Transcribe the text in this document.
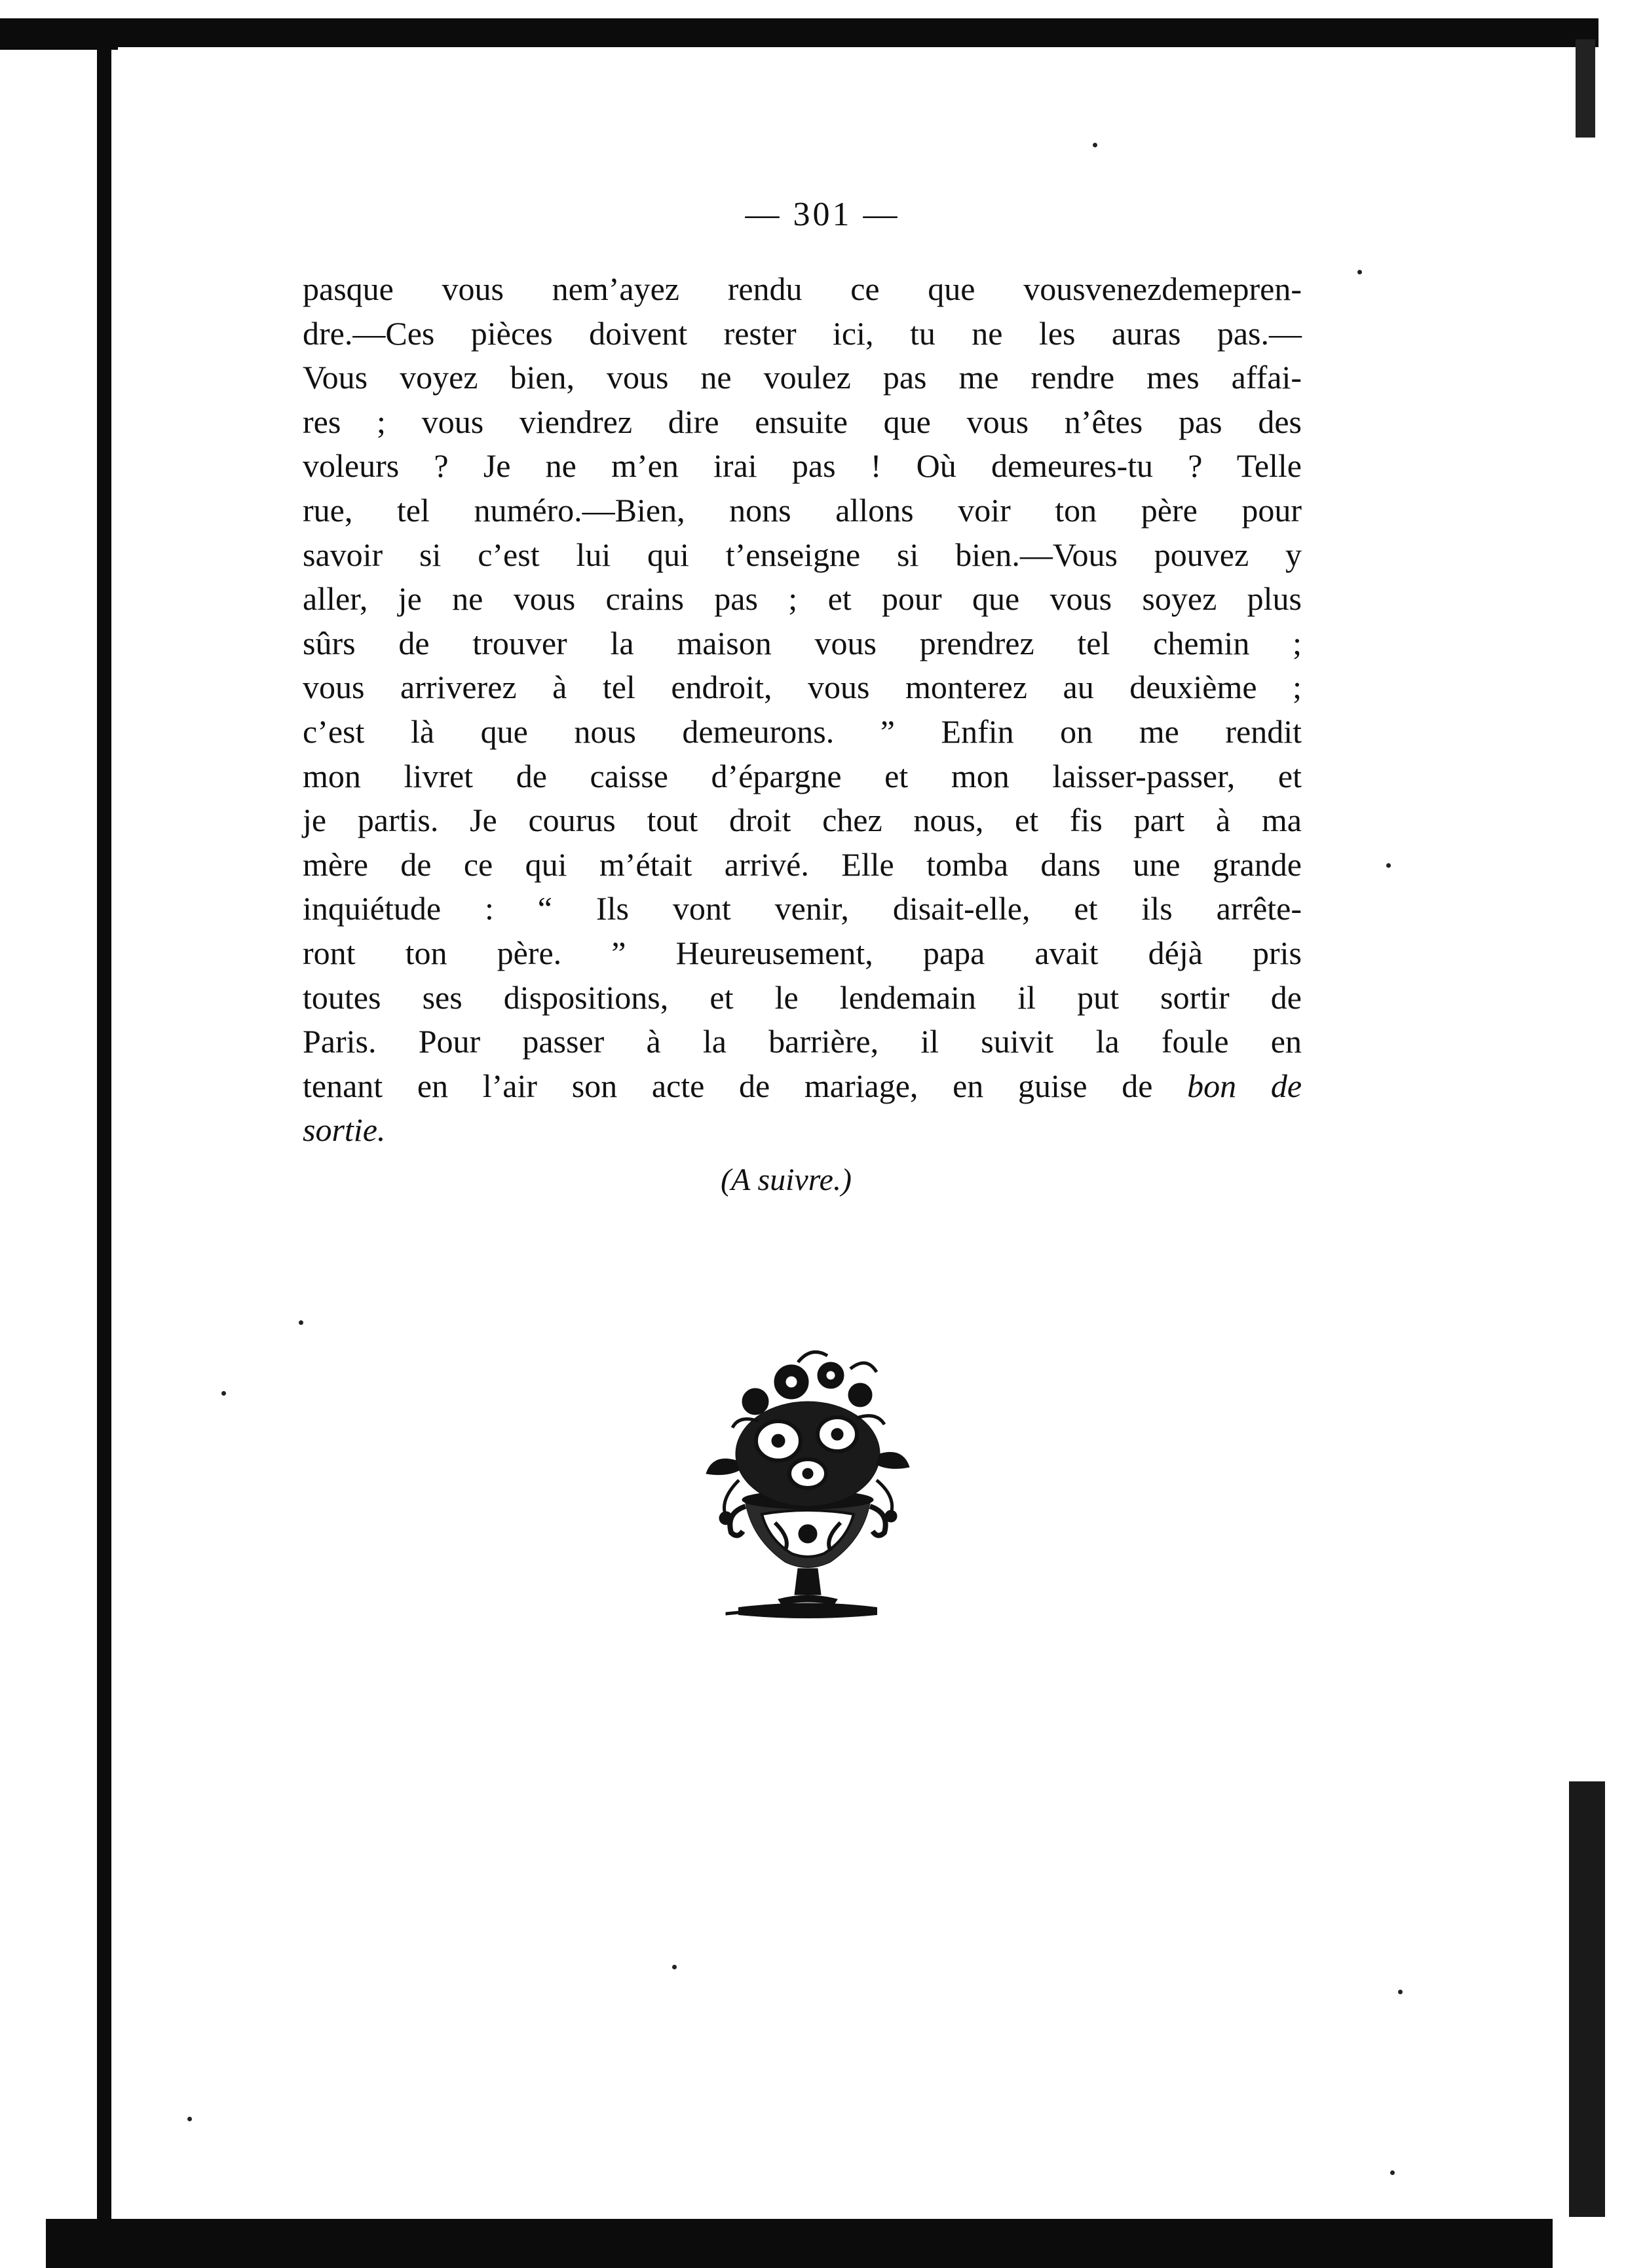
— 301 —
pasque vous nem’ayez rendu ce que vousvenezdemepren-
dre.—Ces pièces doivent rester ici, tu ne les auras pas.—
Vous voyez bien, vous ne voulez pas me rendre mes affai-
res ; vous viendrez dire ensuite que vous n’êtes pas des
voleurs ? Je ne m’en irai pas ! Où demeures-tu ? Telle
rue, tel numéro.—Bien, nons allons voir ton père pour
savoir si c’est lui qui t’enseigne si bien.—Vous pouvez y
aller, je ne vous crains pas ; et pour que vous soyez plus
sûrs de trouver la maison vous prendrez tel chemin ;
vous arriverez à tel endroit, vous monterez au deuxième ;
c’est là que nous demeurons. ” Enfin on me rendit
mon livret de caisse d’épargne et mon laisser-passer, et
je partis. Je courus tout droit chez nous, et fis part à ma
mère de ce qui m’était arrivé. Elle tomba dans une grande
inquiétude : “ Ils vont venir, disait-elle, et ils arrête-
ront ton père. ” Heureusement, papa avait déjà pris
toutes ses dispositions, et le lendemain il put sortir de
Paris. Pour passer à la barrière, il suivit la foule en
tenant en l’air son acte de mariage, en guise de bon de
sortie.
(A suivre.)
